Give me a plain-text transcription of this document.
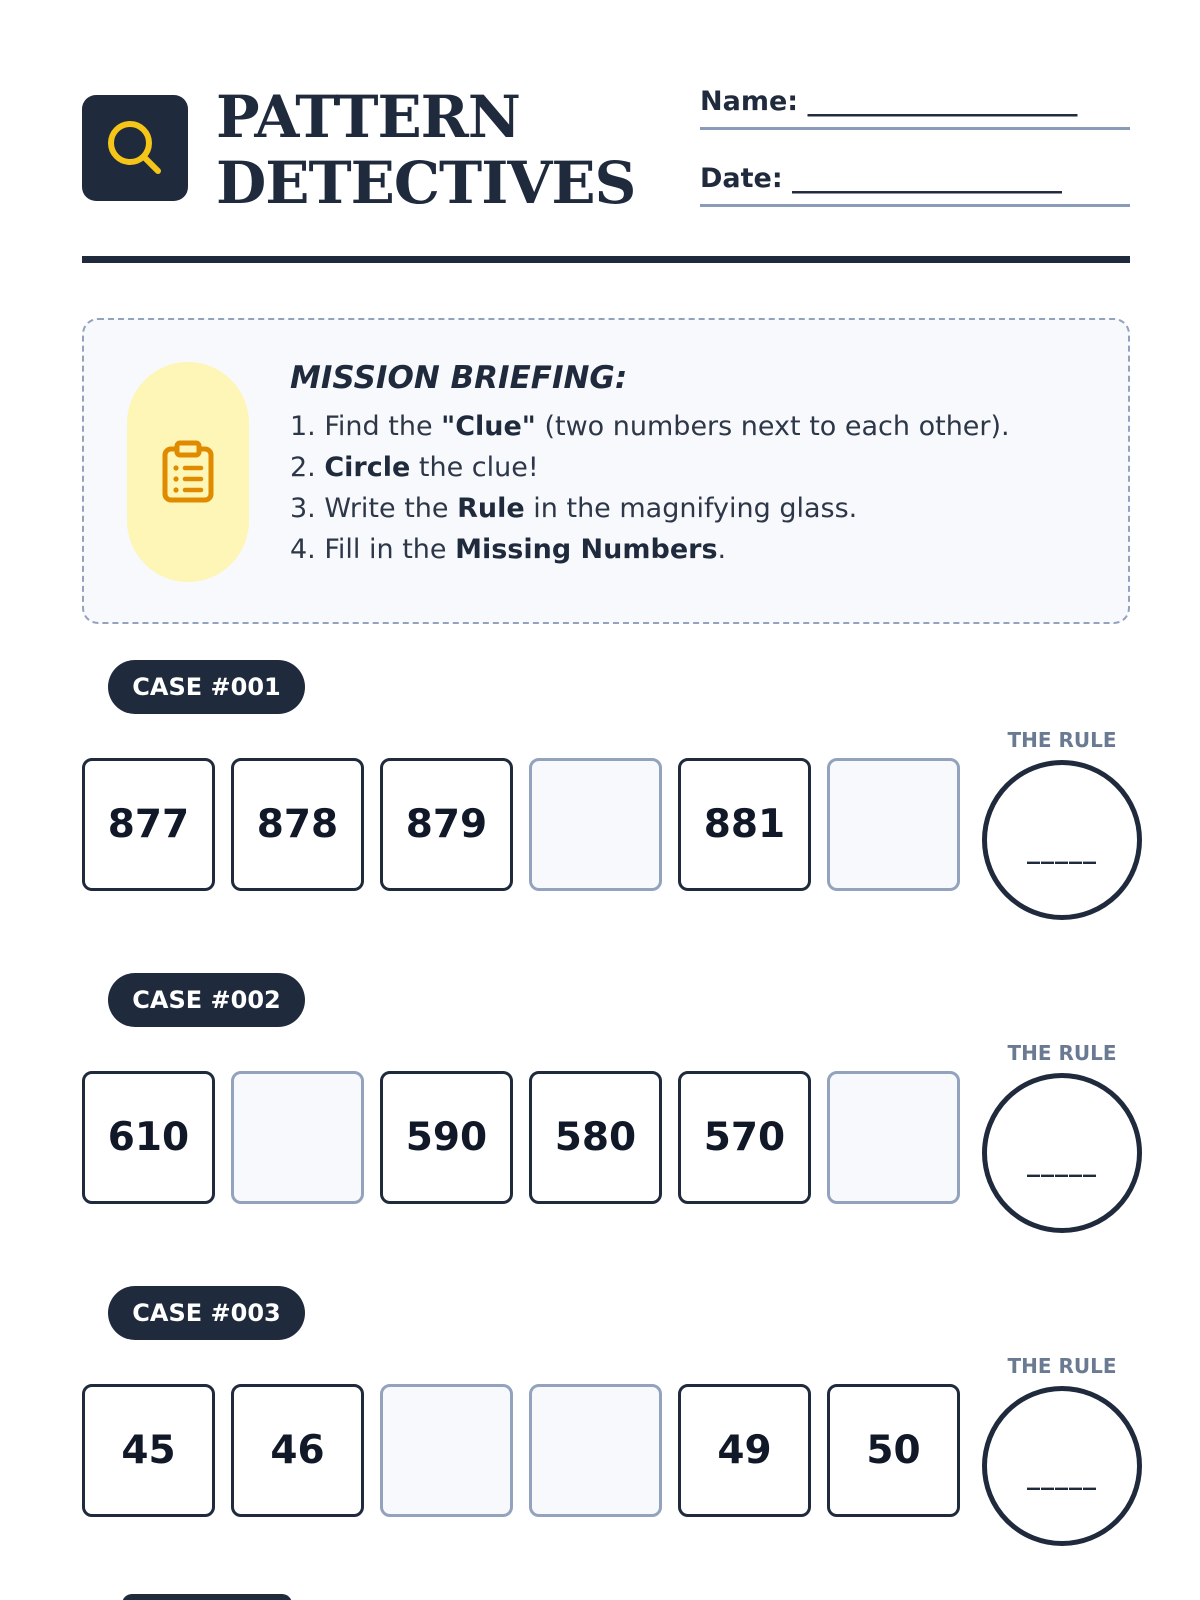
PATTERN
DETECTIVES
Name: ____________________
Date: ____________________
MISSION BRIEFING:
1. Find the "Clue" (two numbers next to each other).
2. Circle the clue!
3. Write the Rule in the magnifying glass.
4. Fill in the Missing Numbers.
CASE #001
877	878	879	881
THE RULE
_____
CASE #002
610	590	580	570
THE RULE
_____
CASE #003
45	46	49	50
THE RULE
_____
